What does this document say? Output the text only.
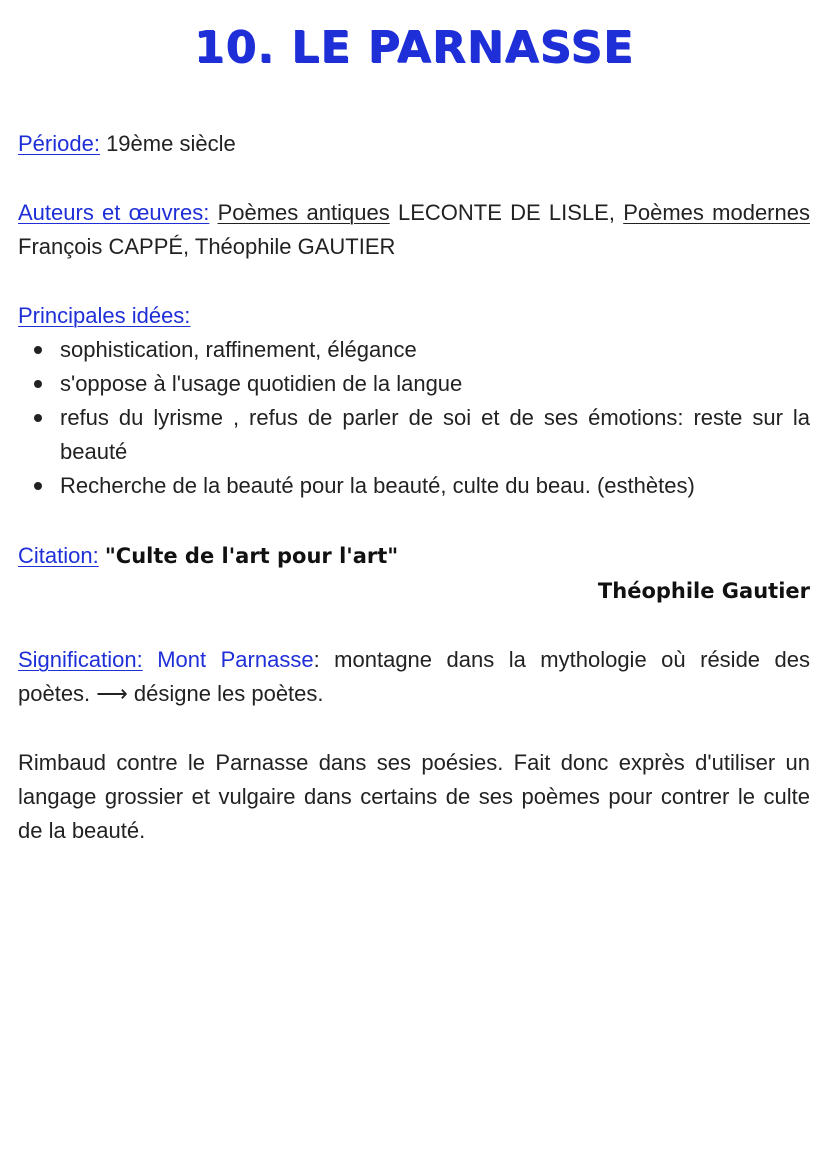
10. LE PARNASSE

Période: 19ème siècle

Auteurs et œuvres: Poèmes antiques LECONTE DE LISLE, Poèmes modernes François CAPPÉ, Théophile GAUTIER

Principales idées:

sophistication, raffinement, élégance
s'oppose à l'usage quotidien de la langue
refus du lyrisme , refus de parler de soi et de ses émotions: reste sur la beauté
Recherche de la beauté pour la beauté, culte du beau. (esthètes)

Citation: "Culte de l'art pour l'art"

Théophile Gautier

Signification: Mont Parnasse: montagne dans la mythologie où réside des poètes. ⟶ désigne les poètes.

Rimbaud contre le Parnasse dans ses poésies. Fait donc exprès d'utiliser un langage grossier et vulgaire dans certains de ses poèmes pour contrer le culte de la beauté.
